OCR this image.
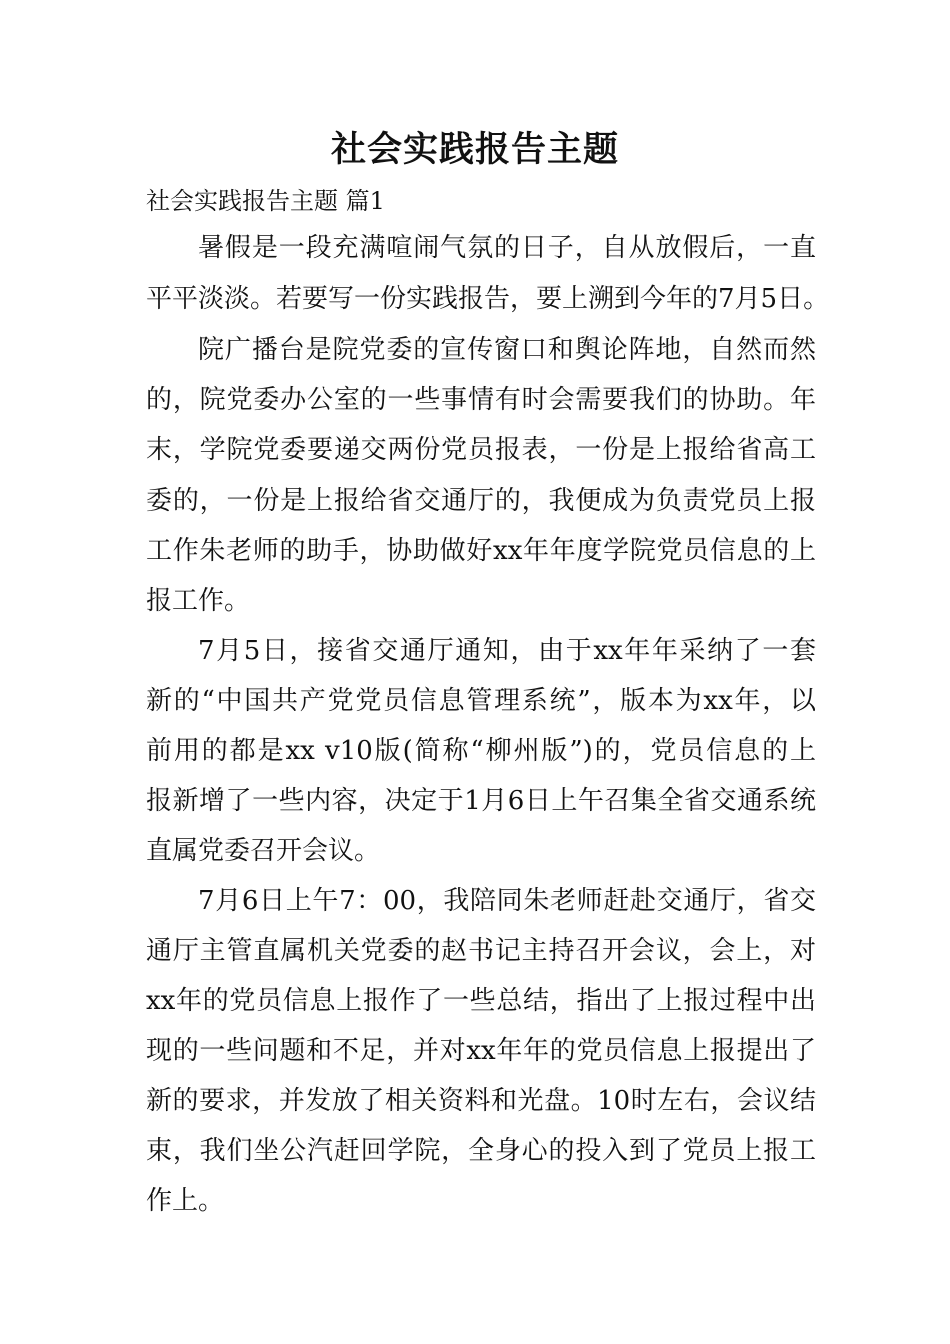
社会实践报告主题
社会实践报告主题 篇1
暑假是一段充满喧闹气氛的日子，自从放假后，一直
平平淡淡。若要写一份实践报告，要上溯到今年的7月5日。
院广播台是院党委的宣传窗口和舆论阵地，自然而然
的，院党委办公室的一些事情有时会需要我们的协助。年
末，学院党委要递交两份党员报表，一份是上报给省高工
委的，一份是上报给省交通厅的，我便成为负责党员上报
工作朱老师的助手，协助做好xx年年度学院党员信息的上
报工作。
7月5日，接省交通厅通知，由于xx年年采纳了一套
新的“中国共产党党员信息管理系统”，版本为xx年，以
前用的都是xx v10版(简称“柳州版”)的，党员信息的上
报新增了一些内容，决定于1月6日上午召集全省交通系统
直属党委召开会议。
7月6日上午7：00，我陪同朱老师赶赴交通厅，省交
通厅主管直属机关党委的赵书记主持召开会议，会上，对
xx年的党员信息上报作了一些总结，指出了上报过程中出
现的一些问题和不足，并对xx年年的党员信息上报提出了
新的要求，并发放了相关资料和光盘。10时左右，会议结
束，我们坐公汽赶回学院，全身心的投入到了党员上报工
作上。
